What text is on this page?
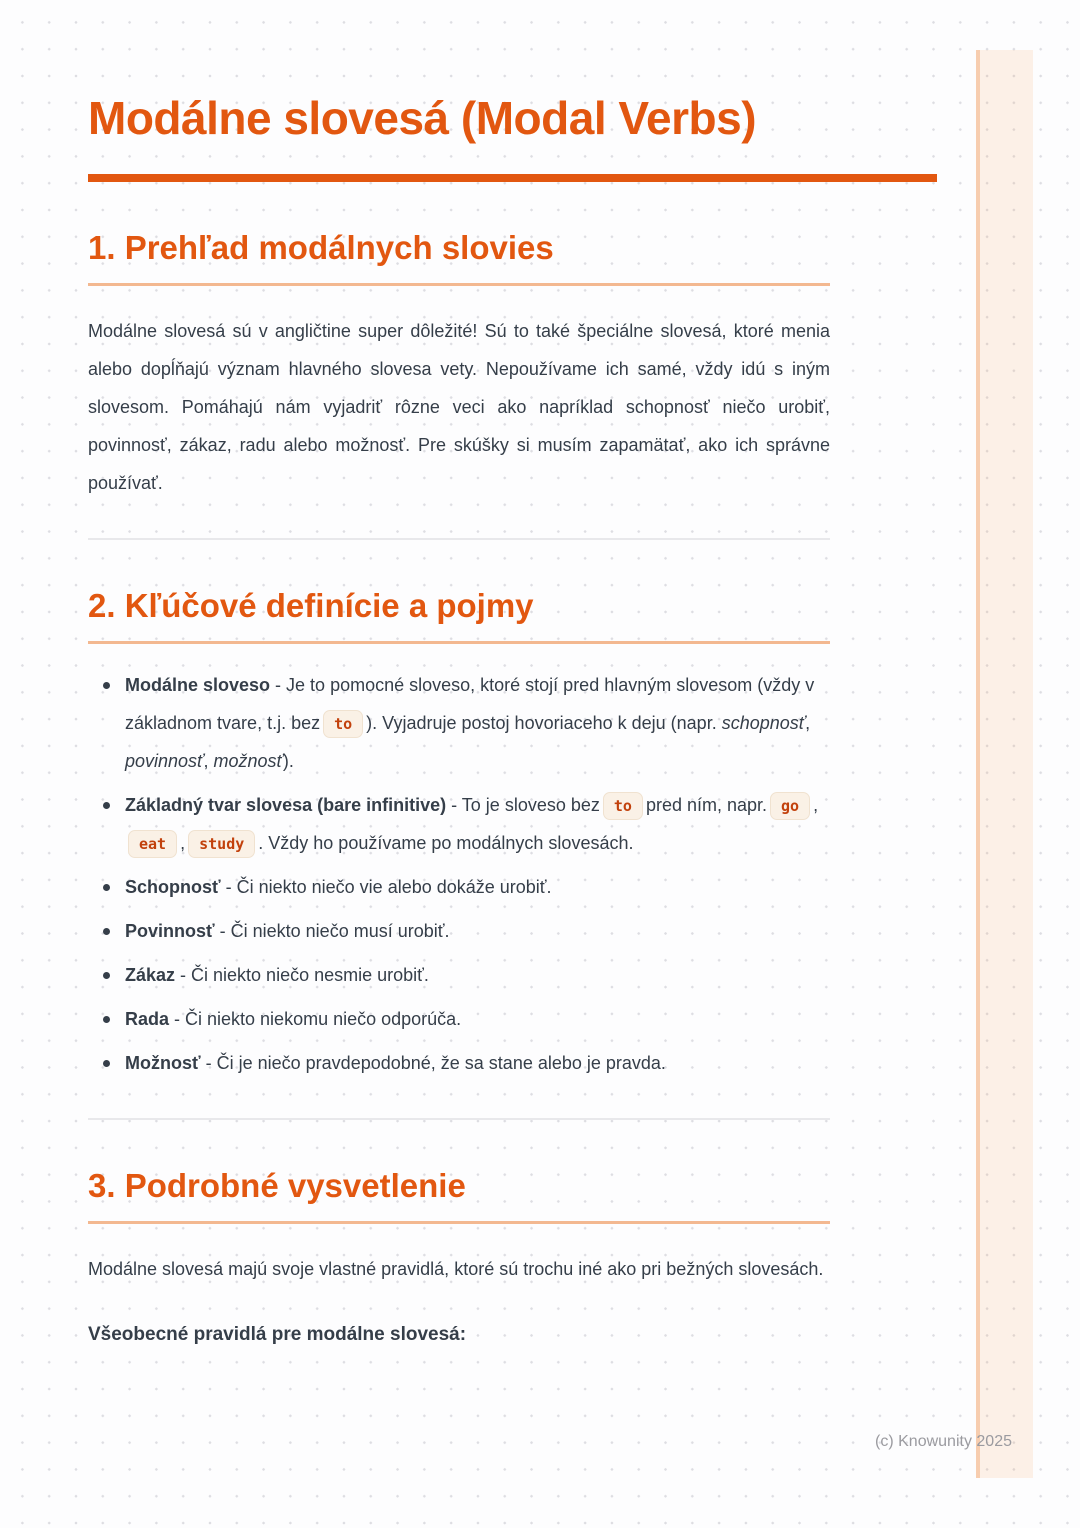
Modálne slovesá (Modal Verbs)
1. Prehľad modálnych slovies

Modálne slovesá sú v angličtine super dôležité! Sú to také špeciálne slovesá, ktoré menia alebo dopĺňajú význam hlavného slovesa vety. Nepoužívame ich samé, vždy idú s iným slovesom. Pomáhajú nám vyjadriť rôzne veci ako napríklad schopnosť niečo urobiť, povinnosť, zákaz, radu alebo možnosť. Pre skúšky si musím zapamätať, ako ich správne používať.

2. Kľúčové definície a pojmy
Modálne sloveso - Je to pomocné sloveso, ktoré stojí pred hlavným slovesom (vždy v základnom tvare, t.j. bez to ). Vyjadruje postoj hovoriaceho k deju (napr. schopnosť, povinnosť, možnosť).
Základný tvar slovesa (bare infinitive) - To je sloveso bez to pred ním, napr. go ,eat , study . Vždy ho používame po modálnych slovesách.
Schopnosť - Či niekto niečo vie alebo dokáže urobiť.
Povinnosť - Či niekto niečo musí urobiť.
Zákaz - Či niekto niečo nesmie urobiť.
Rada - Či niekto niekomu niečo odporúča.
Možnosť - Či je niečo pravdepodobné, že sa stane alebo je pravda.
3. Podrobné vysvetlenie

Modálne slovesá majú svoje vlastné pravidlá, ktoré sú trochu iné ako pri bežných slovesách.

Všeobecné pravidlá pre modálne slovesá:
(c) Knowunity 2025
